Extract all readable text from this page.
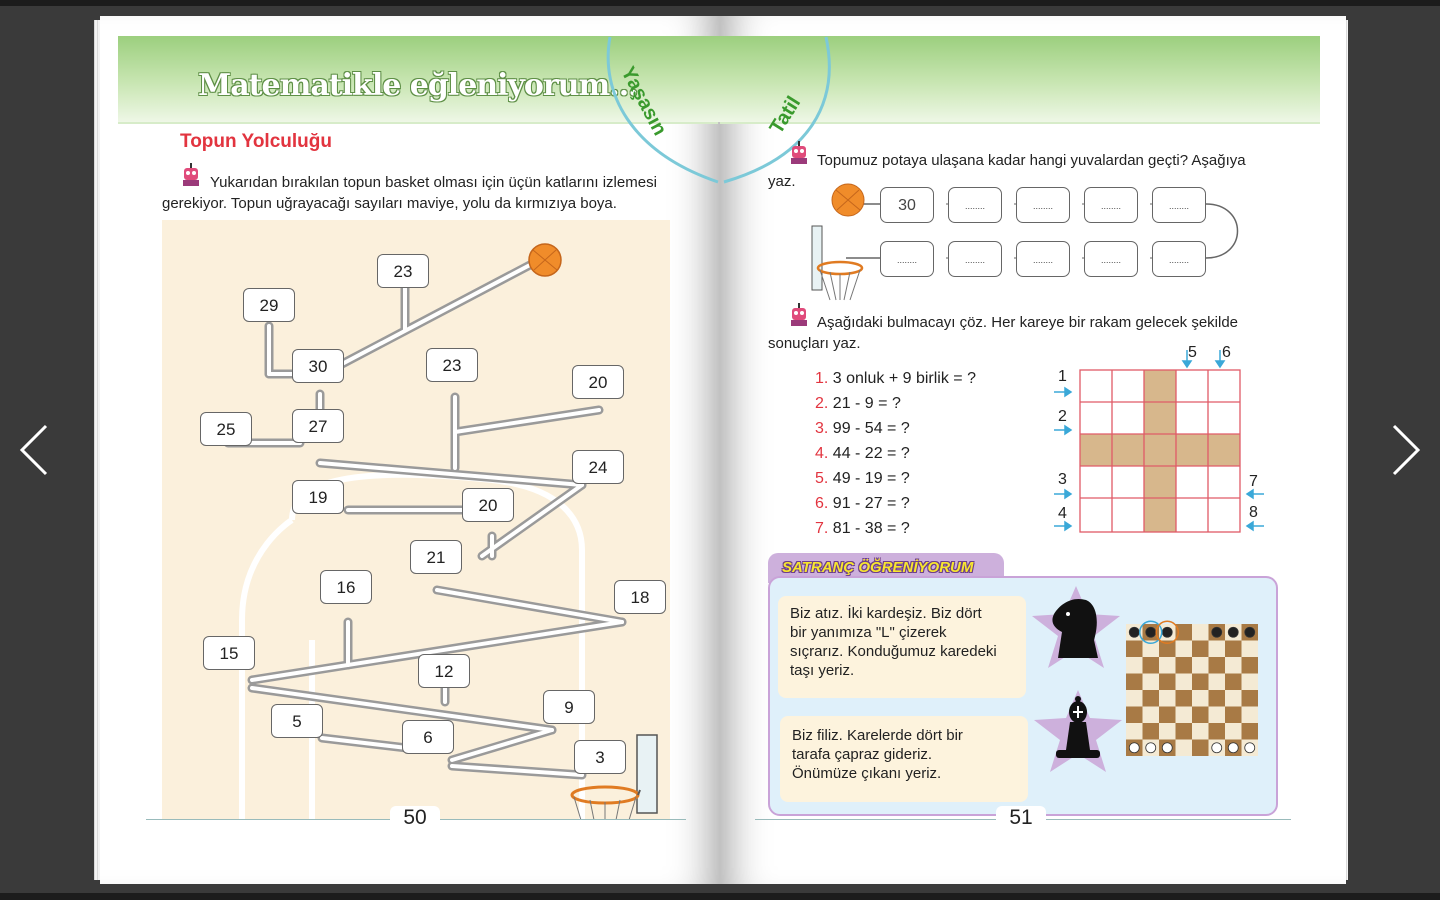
Matematikle eğleniyorum...
Yaşasın
Topun Yolculuğu
Yukarıdan bırakılan topun basket olması için üçün katlarını izlemesi
gerekiyor. Topun uğrayacağı sayıları maviye, yolu da kırmızıya boya.
23
29
30	23
20
25	27
24
19	20
21
16
18
15
12
9
5
6
3
50
Tatil
Topumuz potaya ulaşana kadar hangi yuvalardan geçti? Aşağıya
yaz.
30	........	........	........	........
........	........	........	........	........
Aşağıdaki bulmacayı çöz. Her kareye bir rakam gelecek şekilde
sonuçları yaz.
1. 3 onluk + 9 birlik = ?
2. 21 - 9 = ?
3. 99 - 54 = ?
4. 44 - 22 = ?
5. 49 - 19 = ?
6. 91 - 27 = ?
7. 81 - 38 = ?
5 6
1
2
3
4
7
8
SATRANÇ ÖĞRENİYORUM
Biz atız. İki kardeşiz. Biz dört
bir yanımıza "L" çizerek
sıçrarız. Konduğumuz karedeki
taşı yeriz.
Biz filiz. Karelerde dört bir
tarafa çapraz gideriz.
Önümüze çıkanı yeriz.
51
